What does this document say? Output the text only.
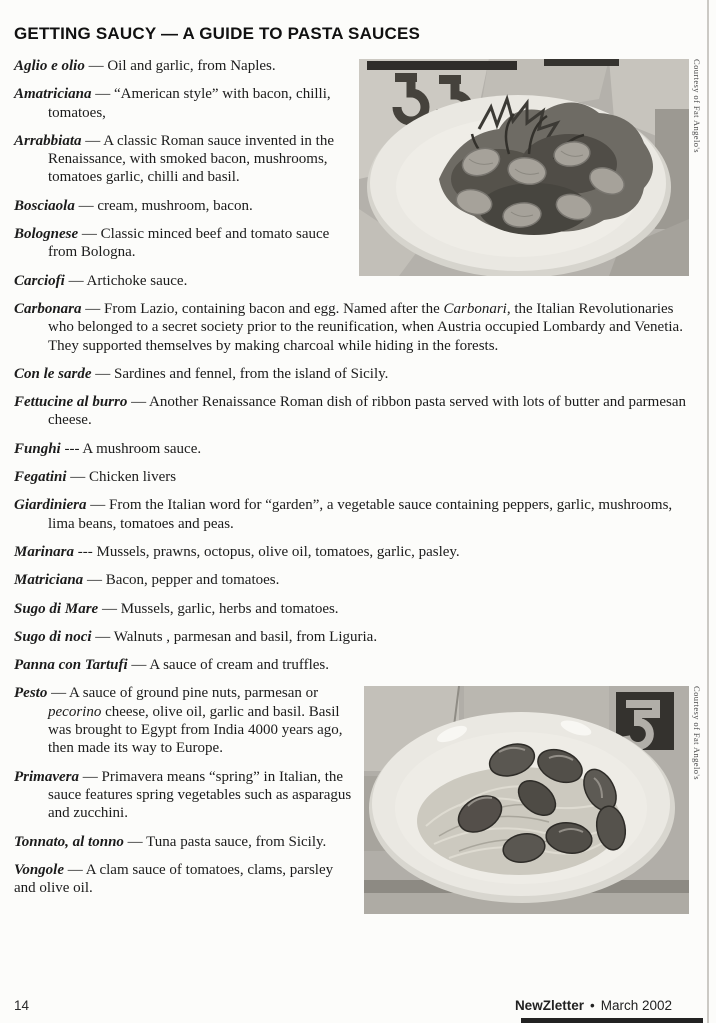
GETTING SAUCY — A GUIDE TO PASTA SAUCES
Courtesy of Fat Angelo's

Aglio e olio — Oil and garlic, from Naples.

Amatriciana — “American style” with bacon, chilli, tomatoes,

Arrabbiata — A classic Roman sauce invented in the Renaissance, with smoked bacon, mushrooms, tomatoes garlic, chilli and basil.

Bosciaola — cream, mushroom, bacon.

Bolognese — Classic minced beef and tomato sauce from Bologna.

Carciofi — Artichoke sauce.

Carbonara — From Lazio, containing bacon and egg. Named after the Carbonari, the Italian Revolutionaries who belonged to a secret society prior to the reunification, when Austria occupied Lombardy and Venetia. They supported themselves by making charcoal while hiding in the forests.

Con le sarde — Sardines and fennel, from the island of Sicily.

Fettucine al burro — Another Renaissance Roman dish of ribbon pasta served with lots of butter and parmesan cheese.

Funghi --- A mushroom sauce.

Fegatini — Chicken livers

Giardiniera — From the Italian word for “garden”, a vegetable sauce containing peppers, garlic, mushrooms, lima beans, tomatoes and peas.

Marinara --- Mussels, prawns, octopus, olive oil, tomatoes, garlic, pasley.

Matriciana — Bacon, pepper and tomatoes.

Sugo di Mare — Mussels, garlic, herbs and tomatoes.

Sugo di noci — Walnuts , parmesan and basil, from Liguria.

Panna con Tartufi — A sauce of cream and truffles.

Courtesy of Fat Angelo's

Pesto — A sauce of ground pine nuts, parmesan or pecorino cheese, olive oil, garlic and basil. Basil was brought to Egypt from India 4000 years ago, then made its way to Europe.

Primavera — Primavera means “spring” in Italian, the sauce features spring vegetables such as asparagus and zucchini.

Tonnato, al tonno — Tuna pasta sauce, from Sicily.

Vongole — A clam sauce of tomatoes, clams, parsley and olive oil.

14	NewZletter • March 2002
